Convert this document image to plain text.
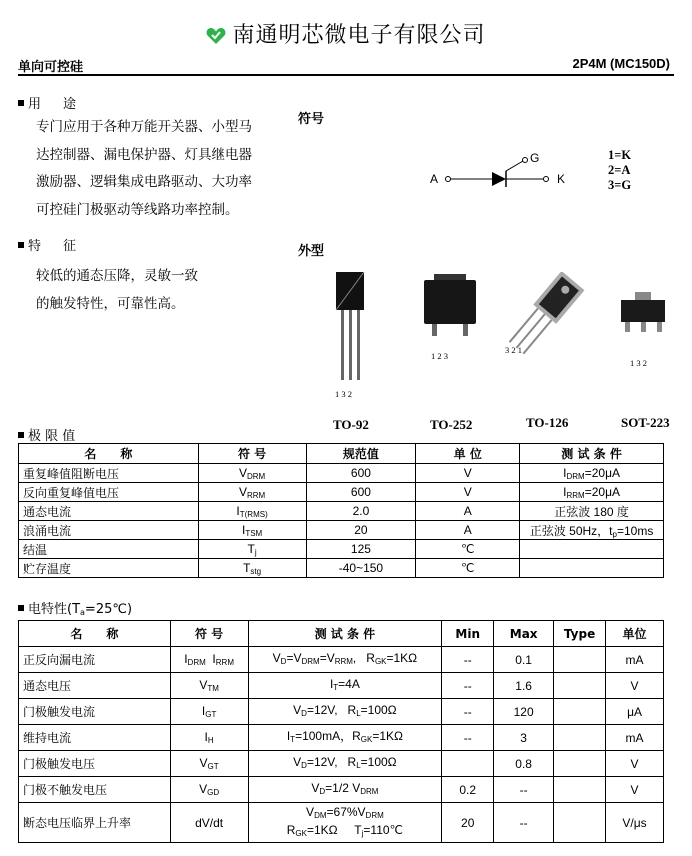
南通明芯微电子有限公司
单向可控硅	2P4M (MC150D)
用 途
专门应用于各种万能开关器、小型马
达控制器、漏电保护器、灯具继电器
激励器、逻辑集成电路驱动、大功率
可控硅门极驱动等线路功率控制。
特 征
较低的通态压降，灵敏一致
的触发特性，可靠性高。
符号
A	K
G	1=K
2=A
3=G
外型
1 3 2
1 2 3
3 2 1
1 3 2
TO-92	TO-252	TO-126	SOT-223
极 限 值
名　　称	符 号	规范值	单 位	测 试 条 件
重复峰值阻断电压	$V_{DRM}$	600	V	$I_{DRM}=20\mu A$
反向重复峰值电压	$V_{RRM}$	600	V	$I_{RRM}=20\mu A$
通态电流	$I_{T(RMS)}$	2.0	A	正弦波 180 度
浪涌电流	$I_{TSM}$	20	A	正弦波 50Hz，$t_p=10ms$
结温	$T_j$	125	℃	
贮存温度	$T_{stg}$	-40~150	℃	
电特性$(T_a=25℃)$
名　　称	符 号	测 试 条 件	Min	Max	Type	单位
正反向漏电流	$I_{DRM}$  $I_{RRM}$	$V_D=V_{DRM}=V_{RRM}$,   $R_{GK}=1K\Omega$	--	0.1		mA
通态电压	$V_{TM}$	$I_T=4A$	--	1.6		V
门极触发电流	$I_{GT}$	$V_D=12V$,   $R_L=100\Omega$	--	120		μA
维持电流	$I_H$	$I_T=100mA$，$R_{GK}=1K\Omega$	--	3		mA
门极触发电压	$V_{GT}$	$V_D=12V$,   $R_L=100\Omega$		0.8		V
门极不触发电压	$V_{GD}$	$V_D=1/2$ $V_{DRM}$	0.2	--		V
断态电压临界上升率	dV/dt	$V_{DM}=67\%V_{DRM}$
$R_{GK}=1K\Omega$     $T_j=110℃$	20	--		V/μs
